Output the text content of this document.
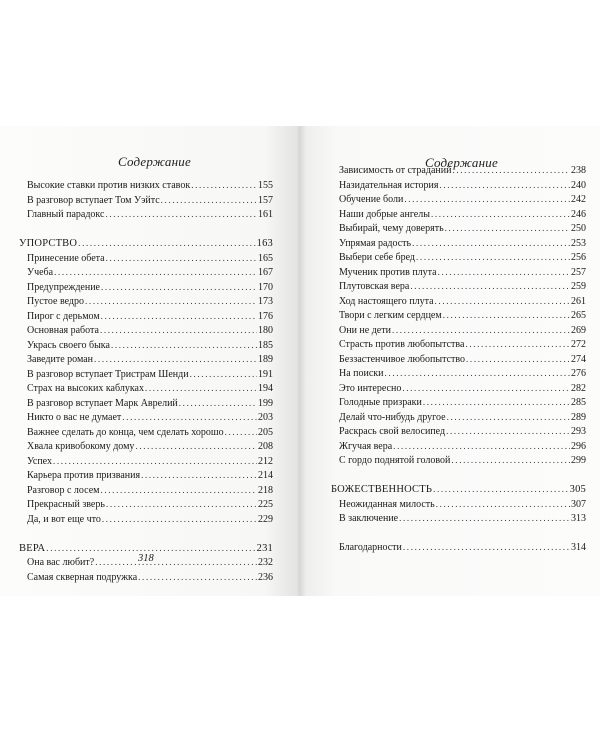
Содержание
Высокие ставки против низких ставок . . .	155
В разговор вступает Том Уэйтс . . .	157
Главный парадокс . . .	161
УПОРСТВО . . .	163
Принесение обета . . .	165
Учеба . . .	167
Предупреждение . . .	170
Пустое ведро . . .	173
Пирог с дерьмом . . .	176
Основная работа . . .	180
Укрась своего быка . . .	185
Заведите роман . . .	189
В разговор вступает Тристрам Шенди . . .	191
Страх на высоких каблуках . . .	194
В разговор вступает Марк Аврелий . . .	199
Никто о вас не думает . . .	203
Важнее сделать до конца, чем сделать хорошо . . .	205
Хвала кривобокому дому . . .	208
Успех . . .	212
Карьера против призвания . . .	214
Разговор с лосем . . .	218
Прекрасный зверь . . .	225
Да, и вот еще что . . .	229
ВЕРА . . .	231
Она вас любит? . . .	232
Самая скверная подружка . . .	236
318
Содержание
Зависимость от страданий . . .	238
Назидательная история . . .	240
Обучение боли . . .	242
Наши добрые ангелы . . .	246
Выбирай, чему доверять . . .	250
Упрямая радость . . .	253
Выбери себе бред . . .	256
Мученик против плута . . .	257
Плутовская вера . . .	259
Ход настоящего плута . . .	261
Твори с легким сердцем . . .	265
Они не дети . . .	269
Страсть против любопытства . . .	272
Беззастенчивое любопытство . . .	274
На поиски . . .	276
Это интересно . . .	282
Голодные призраки . . .	285
Делай что-нибудь другое . . .	289
Раскрась свой велосипед . . .	293
Жгучая вера . . .	296
С гордо поднятой головой . . .	299
БОЖЕСТВЕННОСТЬ . . .	305
Неожиданная милость . . .	307
В заключение . . .	313
Благодарности . . .	314
